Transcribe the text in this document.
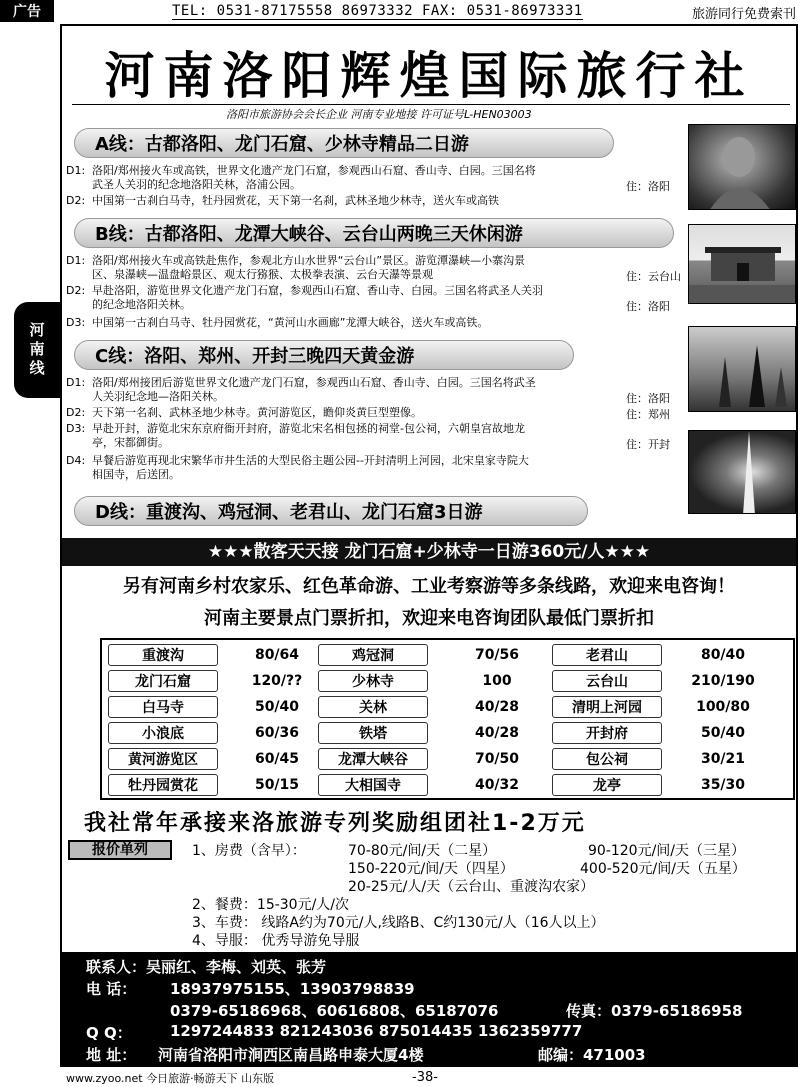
广告	TEL: 0531-87175558 86973332 FAX: 0531-86973331	旅游同行免费索刊
河南线
河南洛阳辉煌国际旅行社
洛阳市旅游协会会长企业 河南专业地接 许可证号L-HEN03003
A线：古都洛阳、龙门石窟、少林寺精品二日游
D1: 洛阳/郑州接火车或高铁，世界文化遗产龙门石窟，参观西山石窟、香山寺、白园。三国名将
武圣人关羽的纪念地洛阳关林，洛浦公园。	住：洛阳
D2: 中国第一古刹白马寺，牡丹园赏花，天下第一名刹，武林圣地少林寺，送火车或高铁
B线：古都洛阳、龙潭大峡谷、云台山两晚三天休闲游
D1: 洛阳/郑州接火车或高铁赴焦作，参观北方山水世界“云台山”景区。游览潭瀑峡—小寨沟景
区、泉瀑峡—温盘峪景区、观太行猕猴、太极拳表演、云台天瀑等景观	住：云台山
D2: 早赴洛阳，游览世界文化遗产龙门石窟，参观西山石窟、香山寺、白园。三国名将武圣人关羽
的纪念地洛阳关林。	住：洛阳
D3: 中国第一古刹白马寺、牡丹园赏花，“黄河山水画廊”龙潭大峡谷，送火车或高铁。
C线：洛阳、郑州、开封三晚四天黄金游
D1: 洛阳/郑州接团后游览世界文化遗产龙门石窟，参观西山石窟、香山寺、白园。三国名将武圣
人关羽纪念地—洛阳关林。	住：洛阳
D2: 天下第一名刹、武林圣地少林寺。黄河游览区，瞻仰炎黄巨型塑像。	住：郑州
D3: 早赴开封，游览北宋东京府衙开封府，游览北宋名相包拯的祠堂-包公祠，六朝皇宫故地龙
亭，宋都御街。	住：开封
D4: 早餐后游览再现北宋繁华市井生活的大型民俗主题公园--开封清明上河园，北宋皇家寺院大
相国寺，后送团。
D线：重渡沟、鸡冠洞、老君山、龙门石窟3日游
★★★散客天天接 龙门石窟+少林寺一日游360元/人★★★
另有河南乡村农家乐、红色革命游、工业考察游等多条线路，欢迎来电咨询！
河南主要景点门票折扣，欢迎来电咨询团队最低门票折扣
重渡沟	80/64	鸡冠洞	70/56	老君山	80/40
龙门石窟	120/??	少林寺	100	云台山	210/190
白马寺	50/40	关林	40/28	清明上河园	100/80
小浪底	60/36	铁塔	40/28	开封府	50/40
黄河游览区	60/45	龙潭大峡谷	70/50	包公祠	30/21
牡丹园赏花	50/15	大相国寺	40/32	龙亭	35/30
我社常年承接来洛旅游专列奖励组团社1-2万元
报价单列	1、房费（含早）：	70-80元/间/天（二星）	90-120元/间/天（三星）
150-220元/间/天（四星）	400-520元/间/天（五星）
20-25元/人/天（云台山、重渡沟农家）
2、餐费：15-30元/人/次
3、车费： 线路A约为70元/人,线路B、C约130元/人（16人以上）
4、导服： 优秀导游免导服
联系人：吴丽红、李梅、刘英、张芳
电 话： 18937975155、13903798839
0379-65186968、60616808、65187076	传真：0379-65186958
Q Q：	1297244833 821243036 875014435 1362359777
地 址： 河南省洛阳市涧西区南昌路申泰大厦4楼	邮编：471003
www.zyoo.net 今日旅游·畅游天下 山东版	-38-
